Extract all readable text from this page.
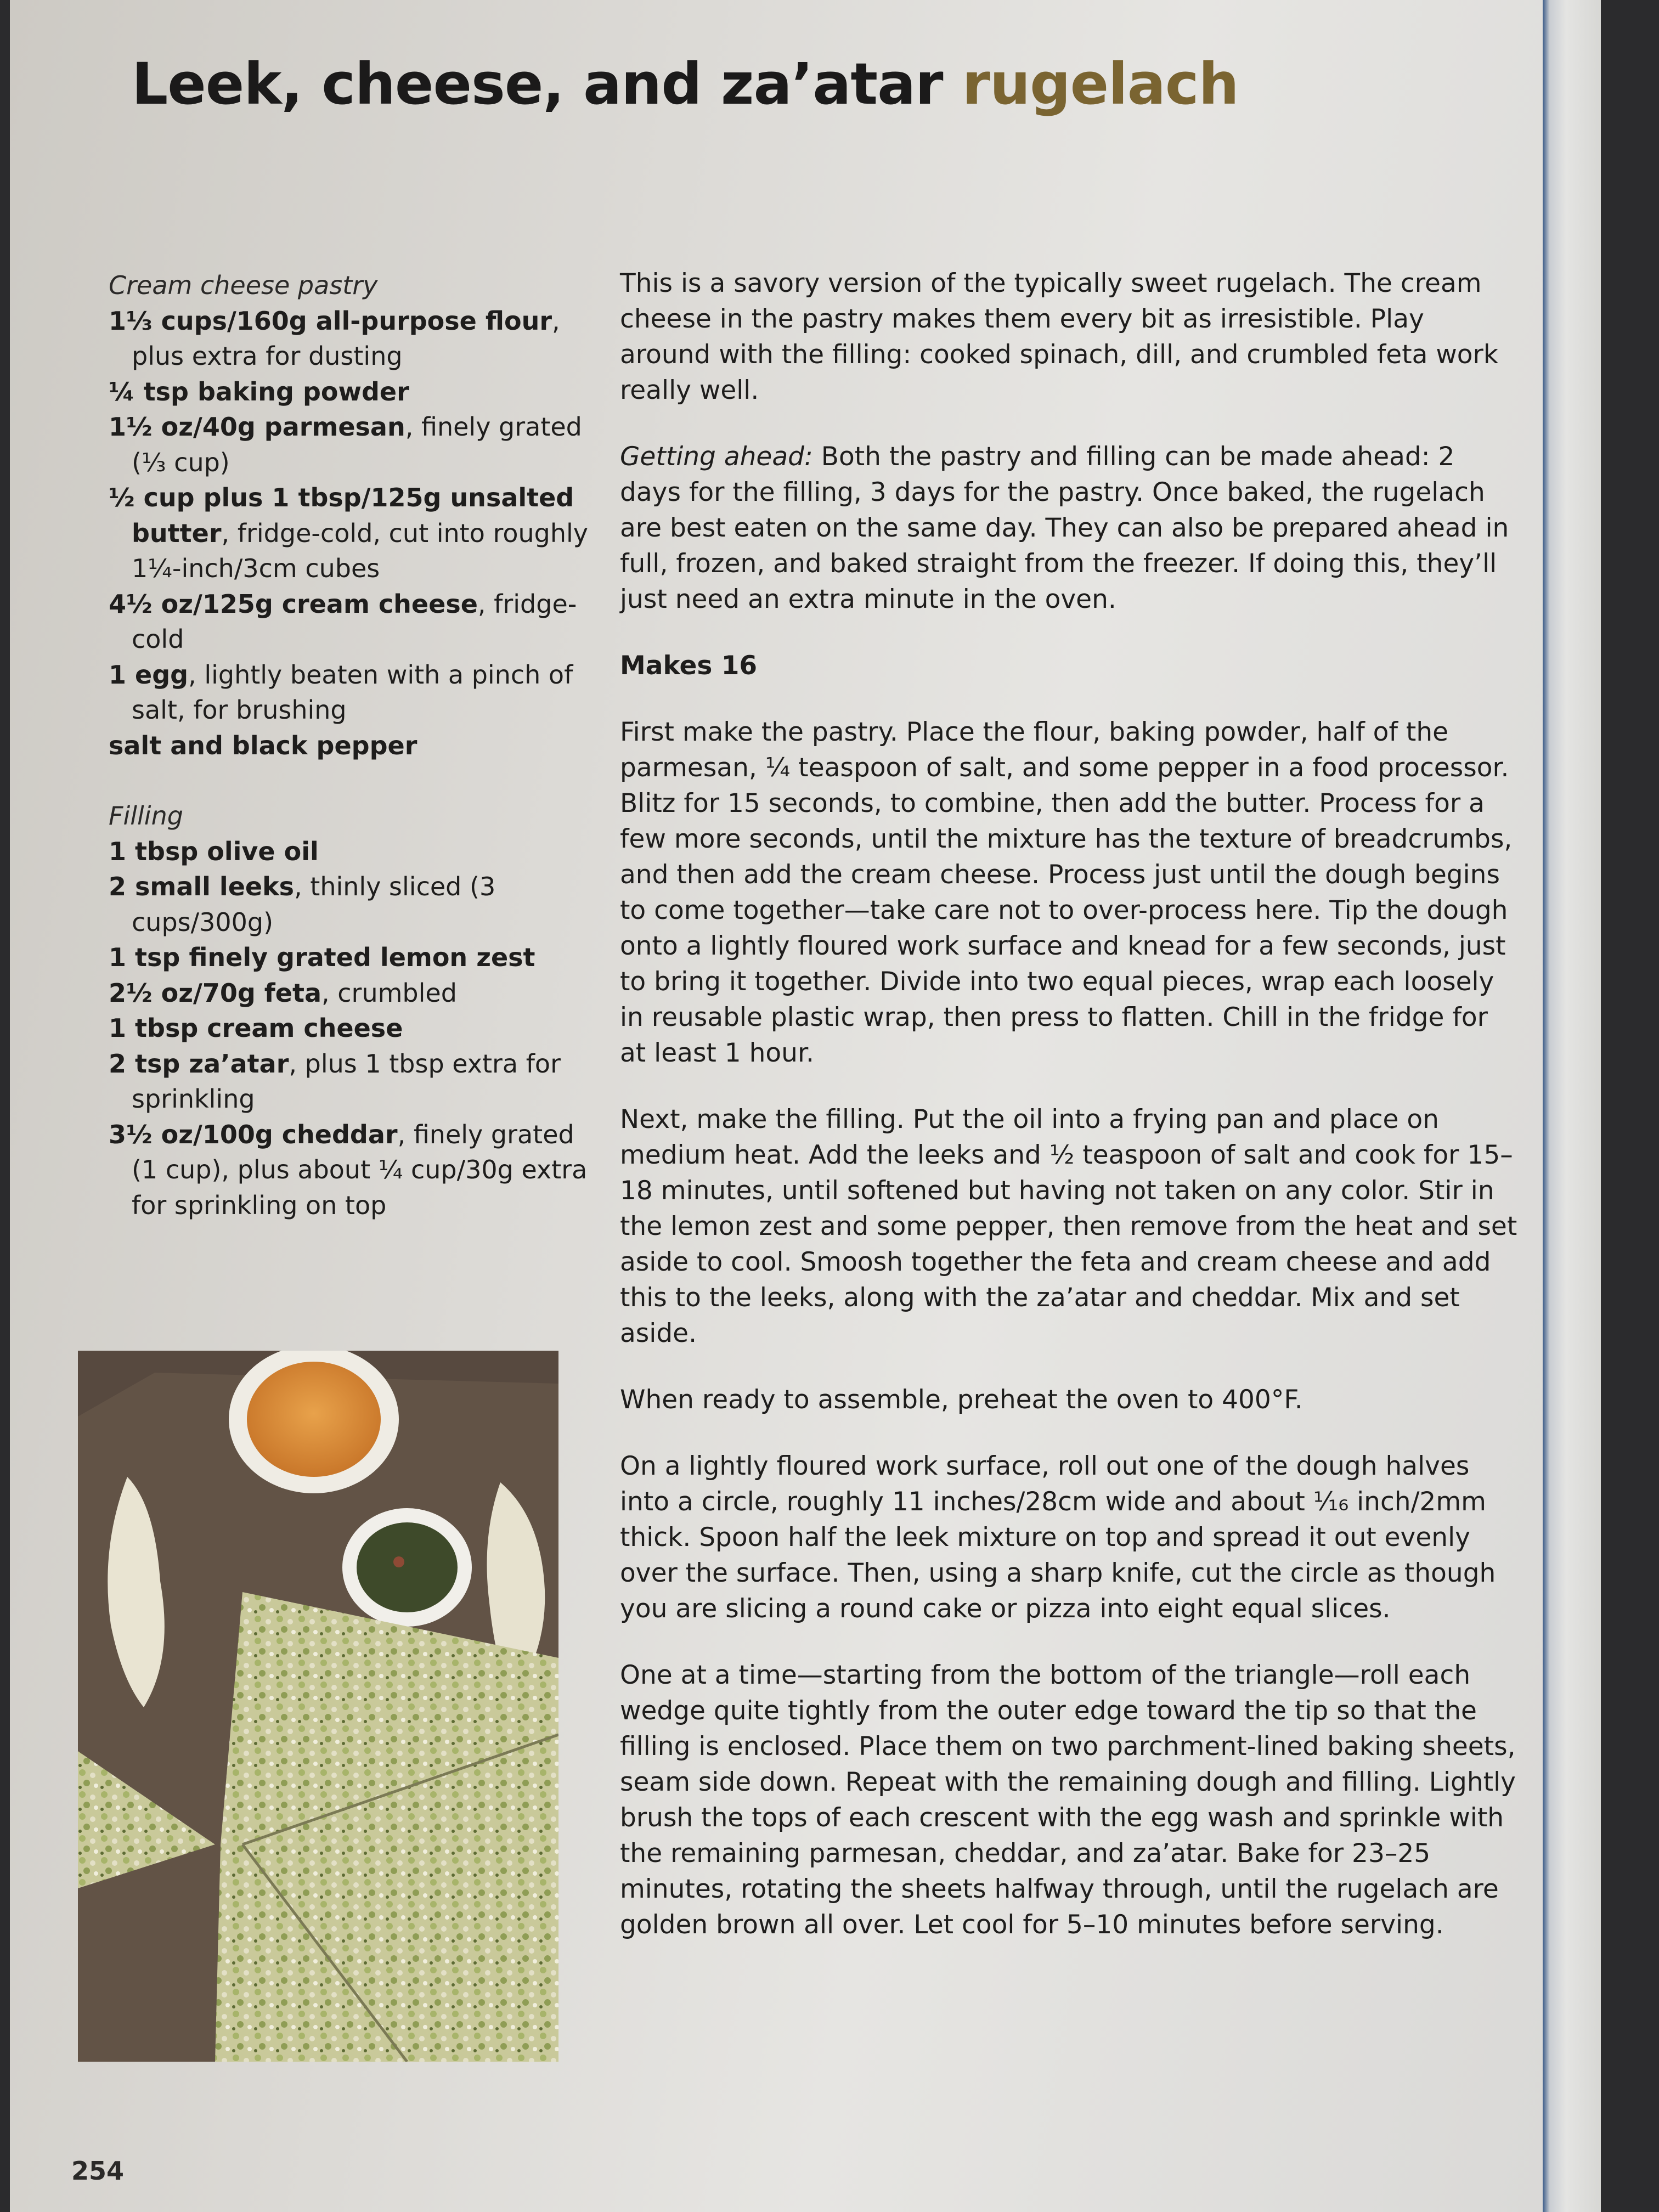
Leek, cheese, and za’atar rugelach
Cream cheese pastry
1⅓ cups/160g all-purpose flour, plus extra for dusting
¼ tsp baking powder
1½ oz/40g parmesan, finely grated (⅓ cup)
½ cup plus 1 tbsp/125g unsalted butter, fridge-cold, cut into roughly 1¼-inch/3cm cubes
4½ oz/125g cream cheese, fridge-cold
1 egg, lightly beaten with a pinch of salt, for brushing
salt and black pepper
Filling
1 tbsp olive oil
2 small leeks, thinly sliced (3 cups/300g)
1 tsp finely grated lemon zest
2½ oz/70g feta, crumbled
1 tbsp cream cheese
2 tsp za’atar, plus 1 tbsp extra for sprinkling
3½ oz/100g cheddar, finely grated (1 cup), plus about ¼ cup/30g extra for sprinkling on top

This is a savory version of the typically sweet rugelach. The cream cheese in the pastry makes them every bit as irresistible. Play around with the filling: cooked spinach, dill, and crumbled feta work really well.

Getting ahead: Both the pastry and filling can be made ahead: 2 days for the filling, 3 days for the pastry. Once baked, the rugelach are best eaten on the same day. They can also be prepared ahead in full, frozen, and baked straight from the freezer. If doing this, they’ll just need an extra minute in the oven.

Makes 16

First make the pastry. Place the flour, baking powder, half of the parmesan, ¼ teaspoon of salt, and some pepper in a food processor. Blitz for 15 seconds, to combine, then add the butter. Process for a few more seconds, until the mixture has the texture of breadcrumbs, and then add the cream cheese. Process just until the dough begins to come together—take care not to over-process here. Tip the dough onto a lightly floured work surface and knead for a few seconds, just to bring it together. Divide into two equal pieces, wrap each loosely in reusable plastic wrap, then press to flatten. Chill in the fridge for at least 1 hour.

Next, make the filling. Put the oil into a frying pan and place on medium heat. Add the leeks and ½ teaspoon of salt and cook for 15–18 minutes, until softened but having not taken on any color. Stir in the lemon zest and some pepper, then remove from the heat and set aside to cool. Smoosh together the feta and cream cheese and add this to the leeks, along with the za’atar and cheddar. Mix and set aside.

When ready to assemble, preheat the oven to 400°F.

On a lightly floured work surface, roll out one of the dough halves into a circle, roughly 11 inches/28cm wide and about ¹⁄₁₆ inch/2mm thick. Spoon half the leek mixture on top and spread it out evenly over the surface. Then, using a sharp knife, cut the circle as though you are slicing a round cake or pizza into eight equal slices.

One at a time—starting from the bottom of the triangle—roll each wedge quite tightly from the outer edge toward the tip so that the filling is enclosed. Place them on two parchment-lined baking sheets, seam side down. Repeat with the remaining dough and filling. Lightly brush the tops of each crescent with the egg wash and sprinkle with the remaining parmesan, cheddar, and za’atar. Bake for 23–25 minutes, rotating the sheets halfway through, until the rugelach are golden brown all over. Let cool for 5–10 minutes before serving.

254
